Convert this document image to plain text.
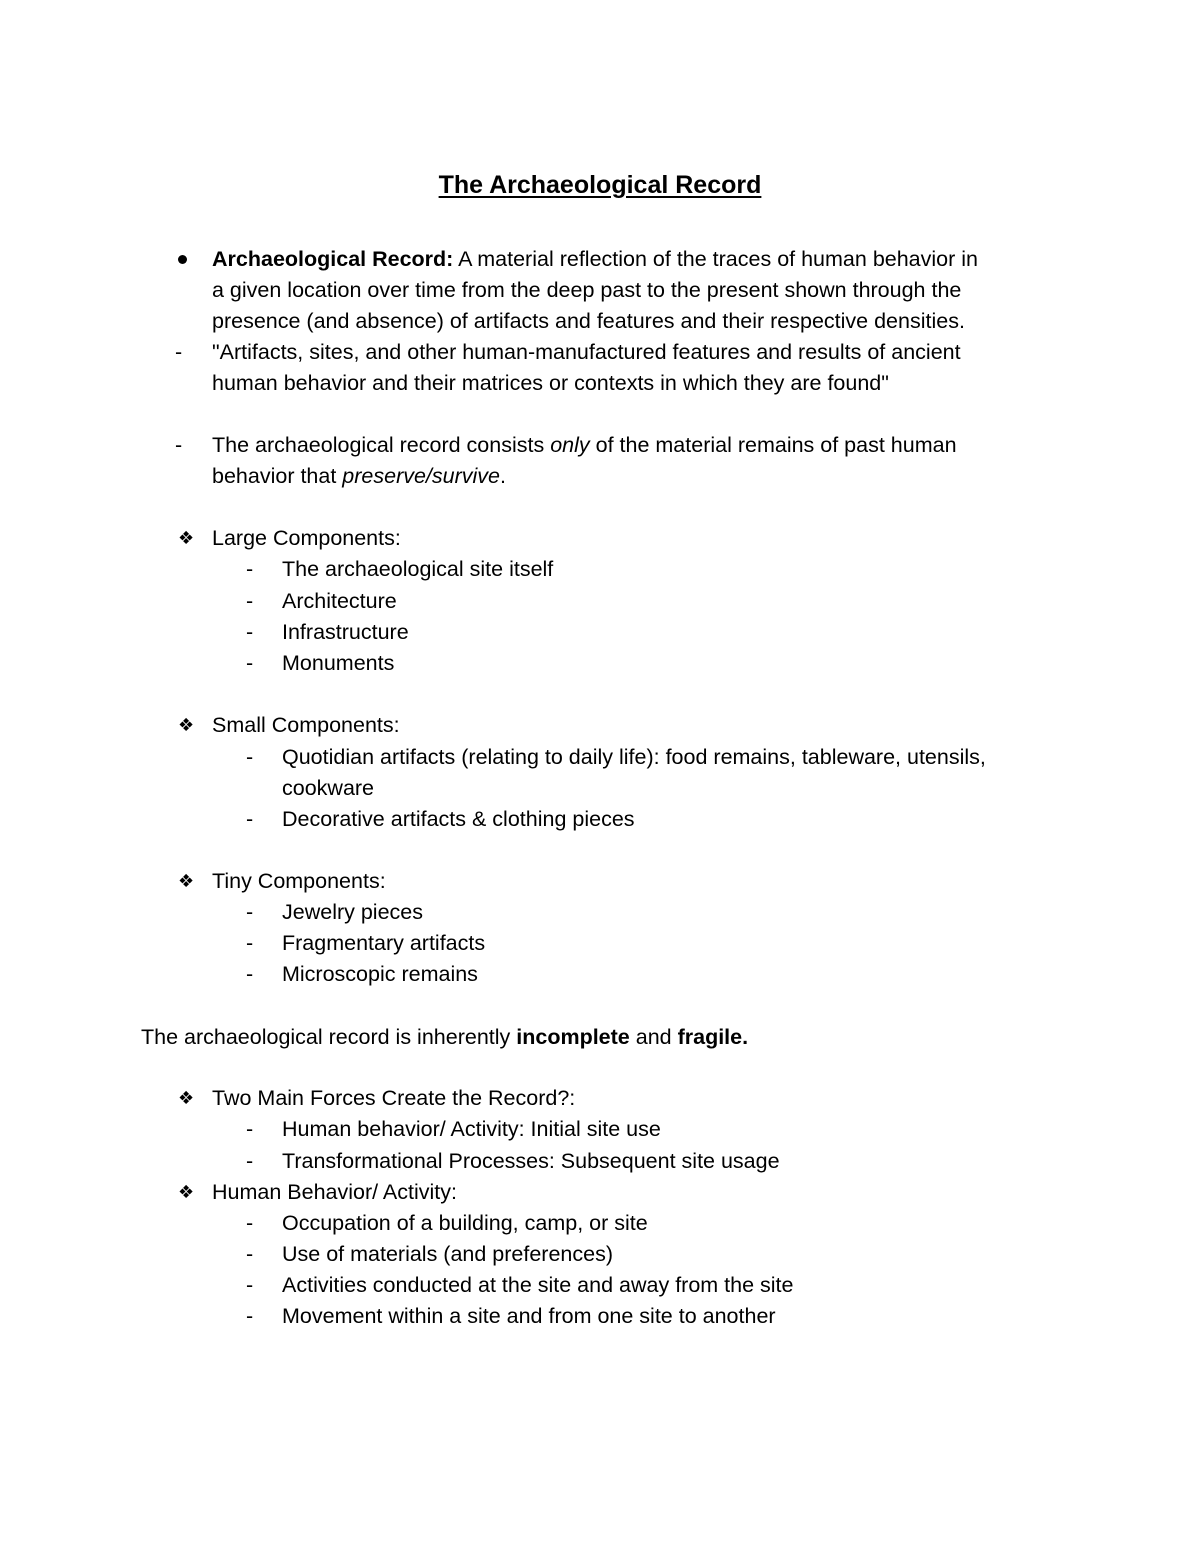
The Archaeological Record
Archaeological Record: A material reflection of the traces of human behavior in
a given location over time from the deep past to the present shown through the
presence (and absence) of artifacts and features and their respective densities.
- "Artifacts, sites, and other human-manufactured features and results of ancient
human behavior and their matrices or contexts in which they are found"
- The archaeological record consists only of the material remains of past human
behavior that preserve/survive.
❖ Large Components:
- The archaeological site itself
- Architecture
- Infrastructure
- Monuments
❖ Small Components:
- Quotidian artifacts (relating to daily life): food remains, tableware, utensils,
cookware
- Decorative artifacts & clothing pieces
❖ Tiny Components:
- Jewelry pieces
- Fragmentary artifacts
- Microscopic remains
The archaeological record is inherently incomplete and fragile.
❖ Two Main Forces Create the Record?:
- Human behavior/ Activity: Initial site use
- Transformational Processes: Subsequent site usage
❖ Human Behavior/ Activity:
- Occupation of a building, camp, or site
- Use of materials (and preferences)
- Activities conducted at the site and away from the site
- Movement within a site and from one site to another
